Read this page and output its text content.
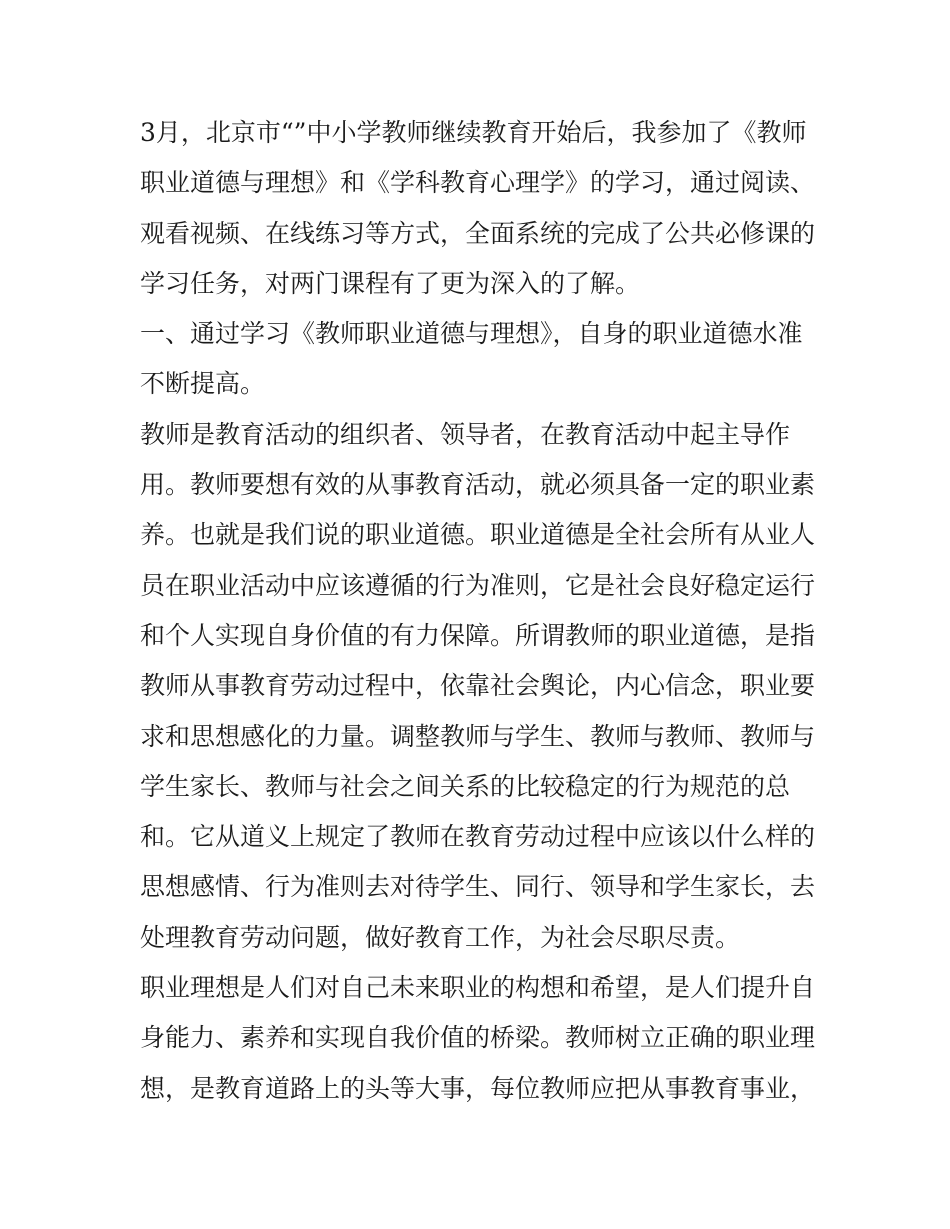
3月，北京市“”中小学教师继续教育开始后，我参加了《教师
职业道德与理想》和《学科教育心理学》的学习，通过阅读、
观看视频、在线练习等方式，全面系统的完成了公共必修课的
学习任务，对两门课程有了更为深入的了解。
一、通过学习《教师职业道德与理想》，自身的职业道德水准
不断提高。
教师是教育活动的组织者、领导者，在教育活动中起主导作
用。教师要想有效的从事教育活动，就必须具备一定的职业素
养。也就是我们说的职业道德。职业道德是全社会所有从业人
员在职业活动中应该遵循的行为准则，它是社会良好稳定运行
和个人实现自身价值的有力保障。所谓教师的职业道德，是指
教师从事教育劳动过程中，依靠社会舆论，内心信念，职业要
求和思想感化的力量。调整教师与学生、教师与教师、教师与
学生家长、教师与社会之间关系的比较稳定的行为规范的总
和。它从道义上规定了教师在教育劳动过程中应该以什么样的
思想感情、行为准则去对待学生、同行、领导和学生家长，去
处理教育劳动问题，做好教育工作，为社会尽职尽责。
职业理想是人们对自己未来职业的构想和希望，是人们提升自
身能力、素养和实现自我价值的桥梁。教师树立正确的职业理
想，是教育道路上的头等大事，每位教师应把从事教育事业，
